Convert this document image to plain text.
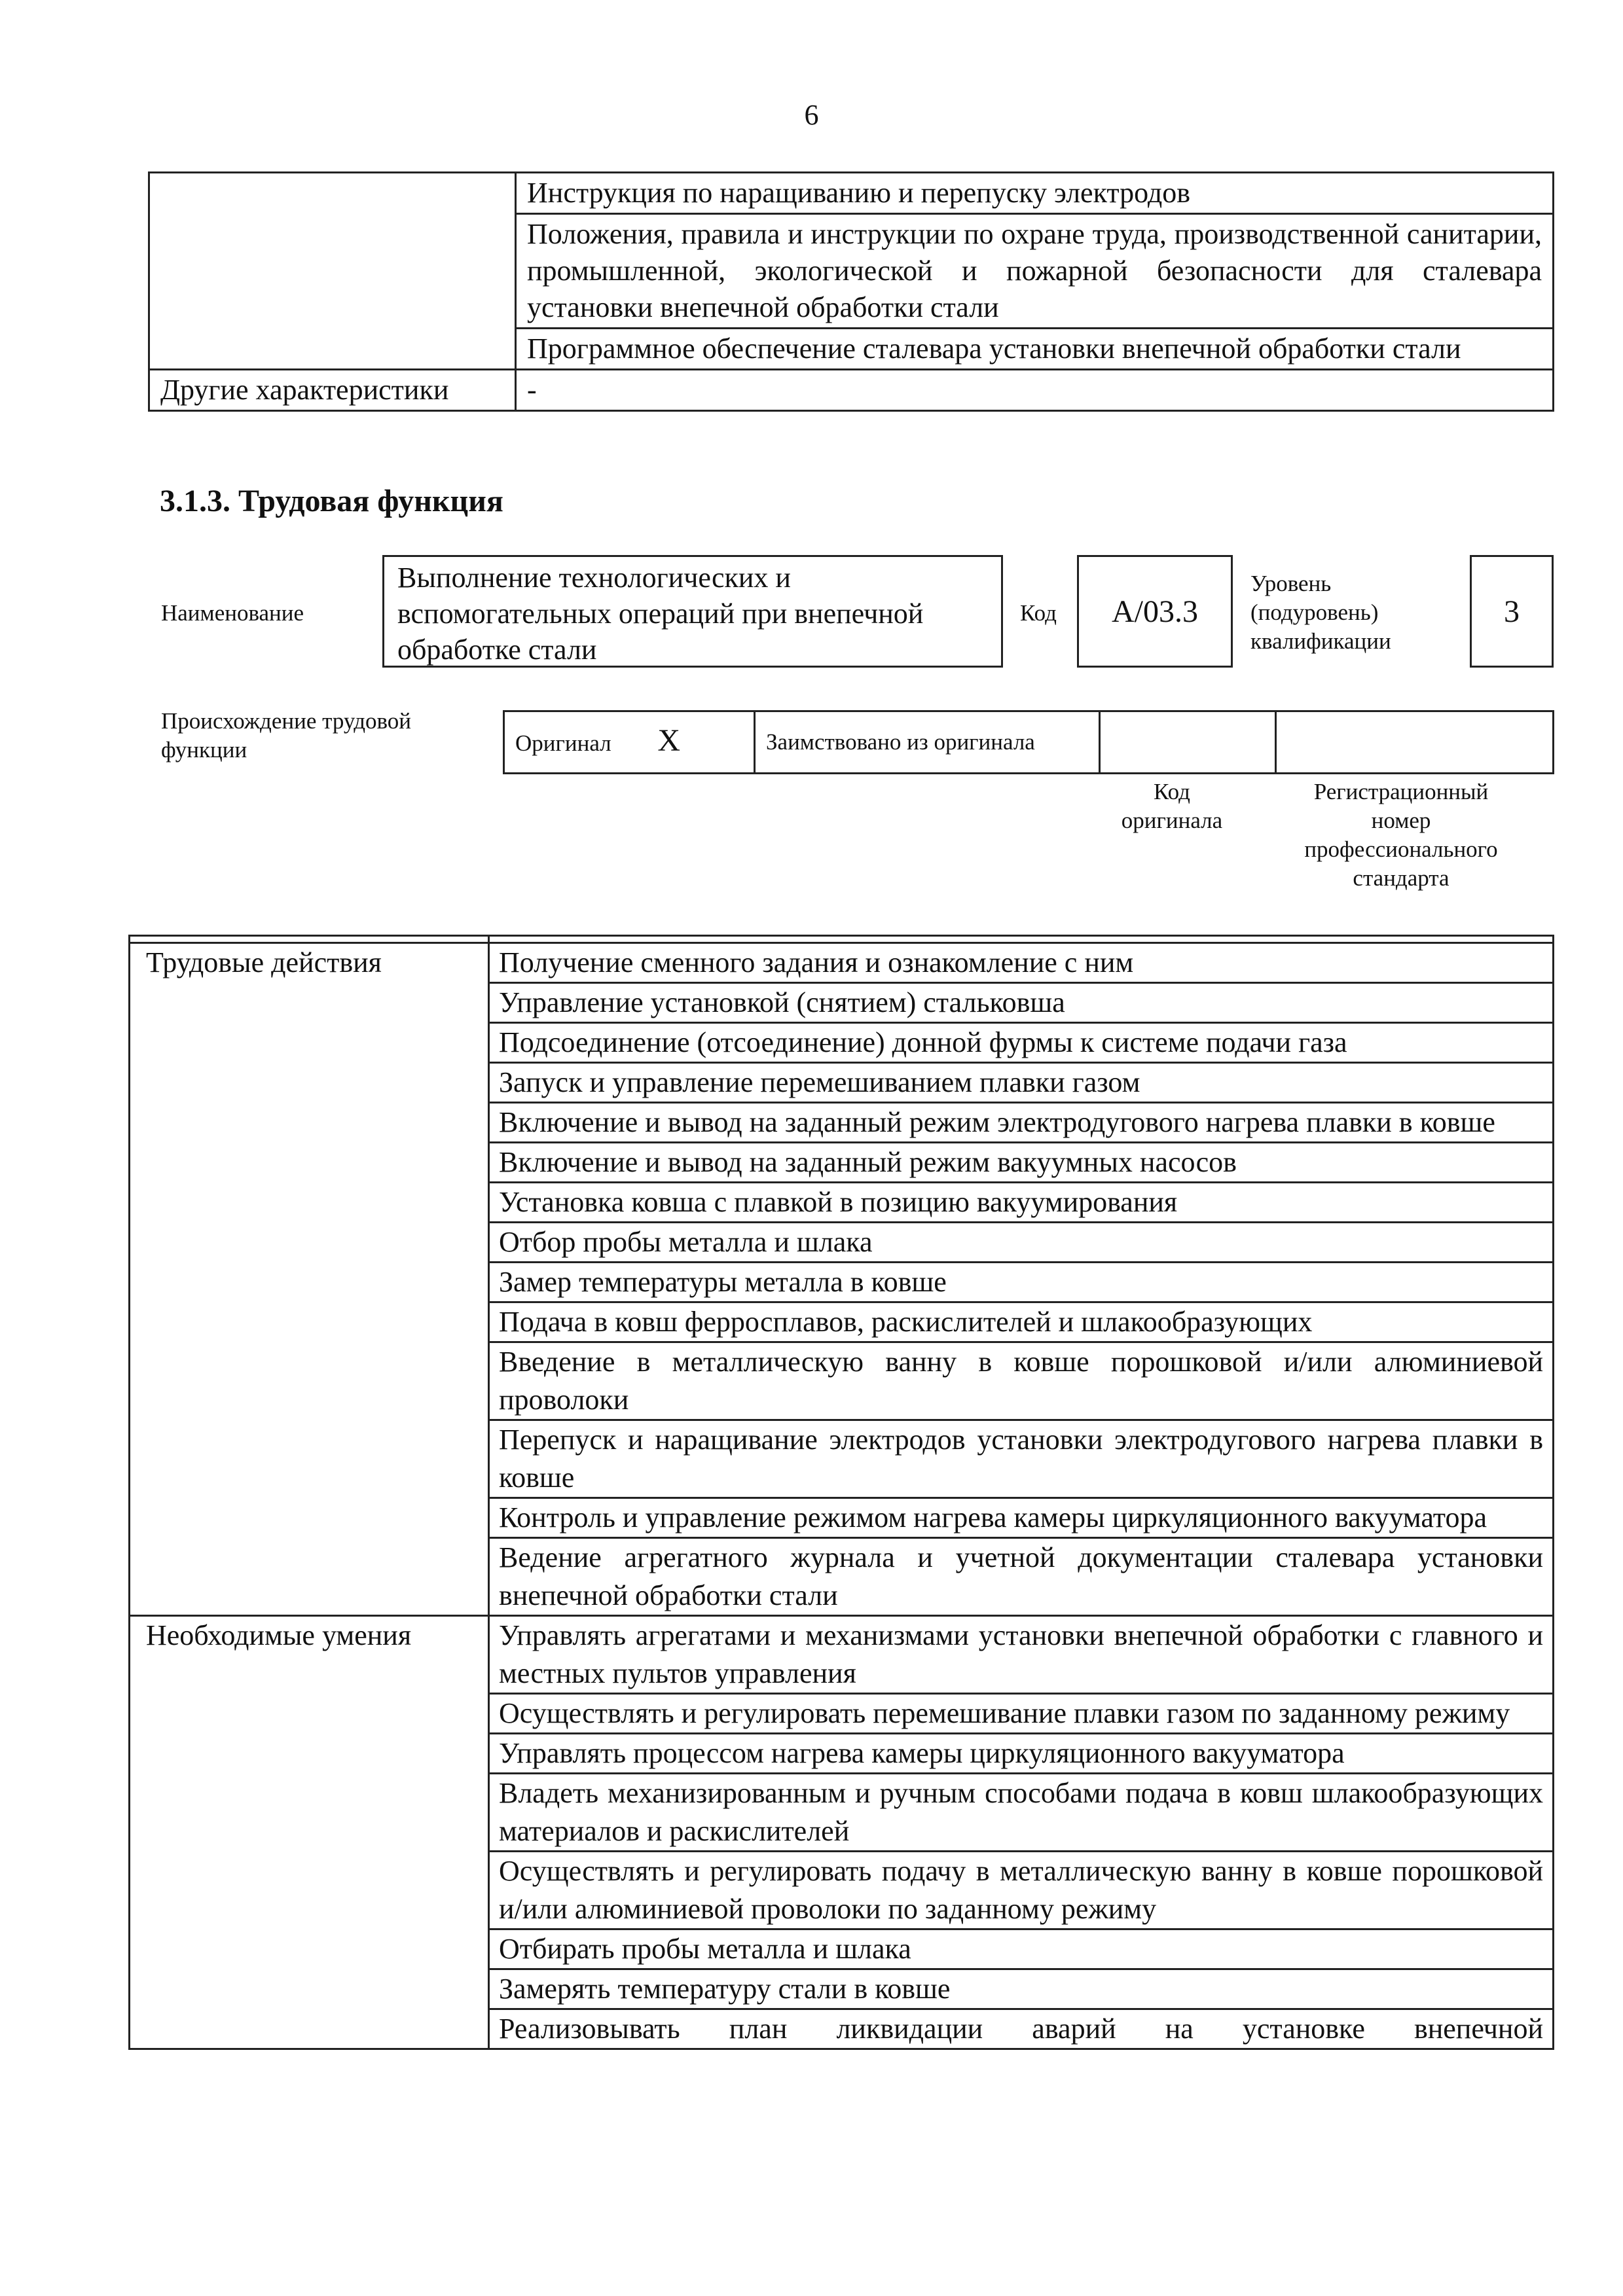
6
	Инструкция по наращиванию и перепуску электродов
	Положения, правила и инструкции по охране труда, производственной санитарии, промышленной, экологической и пожарной безопасности для сталевара установки внепечной обработки стали
	Программное обеспечение сталевара установки внепечной обработки стали
Другие характеристики	-
3.1.3. Трудовая функция
Наименование
Выполнение технологических и вспомогательных операций при внепечной обработке стали
Код	А/03.3
Уровень
(подуровень)
квалификации
3
Происхождение трудовой
функции	Оригинал Х	Заимствовано из оригинала		
Код
оригинала
Регистрационный
номер
профессионального
стандарта

Трудовые действия	Получение сменного задания и ознакомление с ним
	Управление установкой (снятием) стальковша
	Подсоединение (отсоединение) донной фурмы к системе подачи газа
	Запуск и управление перемешиванием плавки газом
	Включение и вывод на заданный режим электродугового нагрева плавки в ковше
	Включение и вывод на заданный режим вакуумных насосов
	Установка ковша с плавкой в позицию вакуумирования
	Отбор пробы металла и шлака
	Замер температуры металла в ковше
	Подача в ковш ферросплавов, раскислителей и шлакообразующих
	Введение в металлическую ванну в ковше порошковой и/или алюминиевой проволоки
	Перепуск и наращивание электродов установки электродугового нагрева плавки в ковше
	Контроль и управление режимом нагрева камеры циркуляционного вакууматора
	Ведение агрегатного журнала и учетной документации сталевара установки внепечной обработки стали
Необходимые умения	Управлять агрегатами и механизмами установки внепечной обработки с главного и местных пультов управления
	Осуществлять и регулировать перемешивание плавки газом по заданному режиму
	Управлять процессом нагрева камеры циркуляционного вакууматора
	Владеть механизированным и ручным способами подача в ковш шлакообразующих материалов и раскислителей
	Осуществлять и регулировать подачу в металлическую ванну в ковше порошковой и/или алюминиевой проволоки по заданному режиму
	Отбирать пробы металла и шлака
	Замерять температуру стали в ковше
	Реализовывать план ликвидации аварий на установке внепечной
